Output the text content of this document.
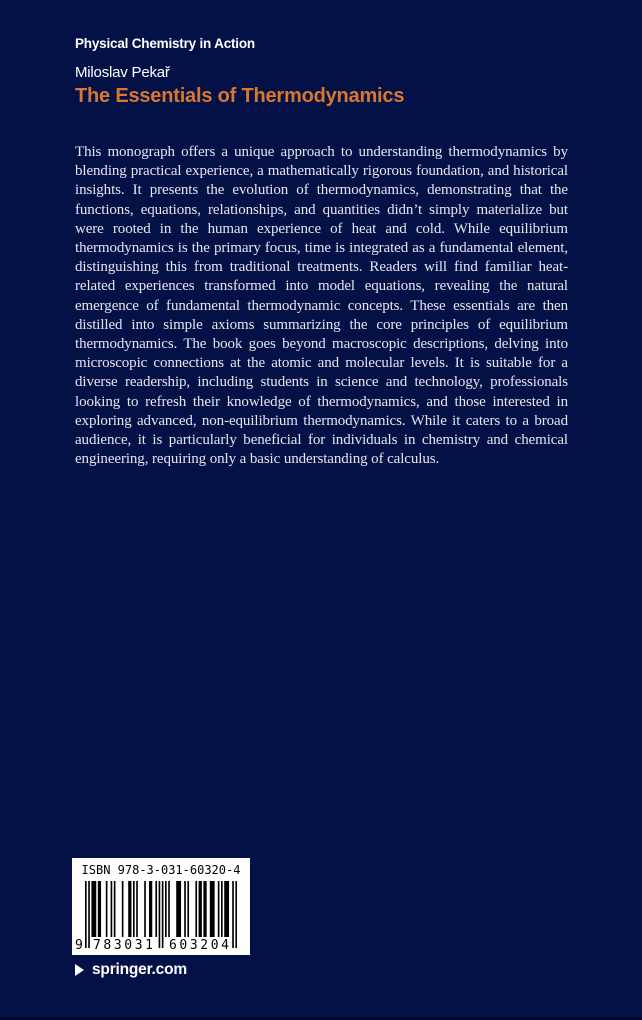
Physical Chemistry in Action
Miloslav Pekař
The Essentials of Thermodynamics

This monograph offers a unique approach to understanding thermodynamics by blending practical experience, a mathematically rigorous foundation, and historical insights. It presents the evolution of thermodynamics, demonstrating that the functions, equations, relationships, and quantities didn’t simply materialize but were rooted in the human experience of heat and cold. While equilibrium thermodynamics is the primary focus, time is integrated as a fundamental element, distinguishing this from traditional treatments. Readers will find familiar heat-related experiences transformed into model equations, revealing the natural emergence of fundamental thermodynamic concepts. These essentials are then distilled into simple axioms summarizing the core principles of equilibrium thermodynamics. The book goes beyond macroscopic descriptions, delving into microscopic connections at the atomic and molecular levels. It is suitable for a diverse readership, including students in science and technology, professionals looking to refresh their knowledge of thermodynamics, and those interested in exploring advanced, non-equilibrium thermodynamics. While it caters to a broad audience, it is particularly beneficial for individuals in chemistry and chemical engineering, requiring only a basic understanding of calculus.

ISBN 978-3-031-60320-4
9 783031 603204
springer.com
